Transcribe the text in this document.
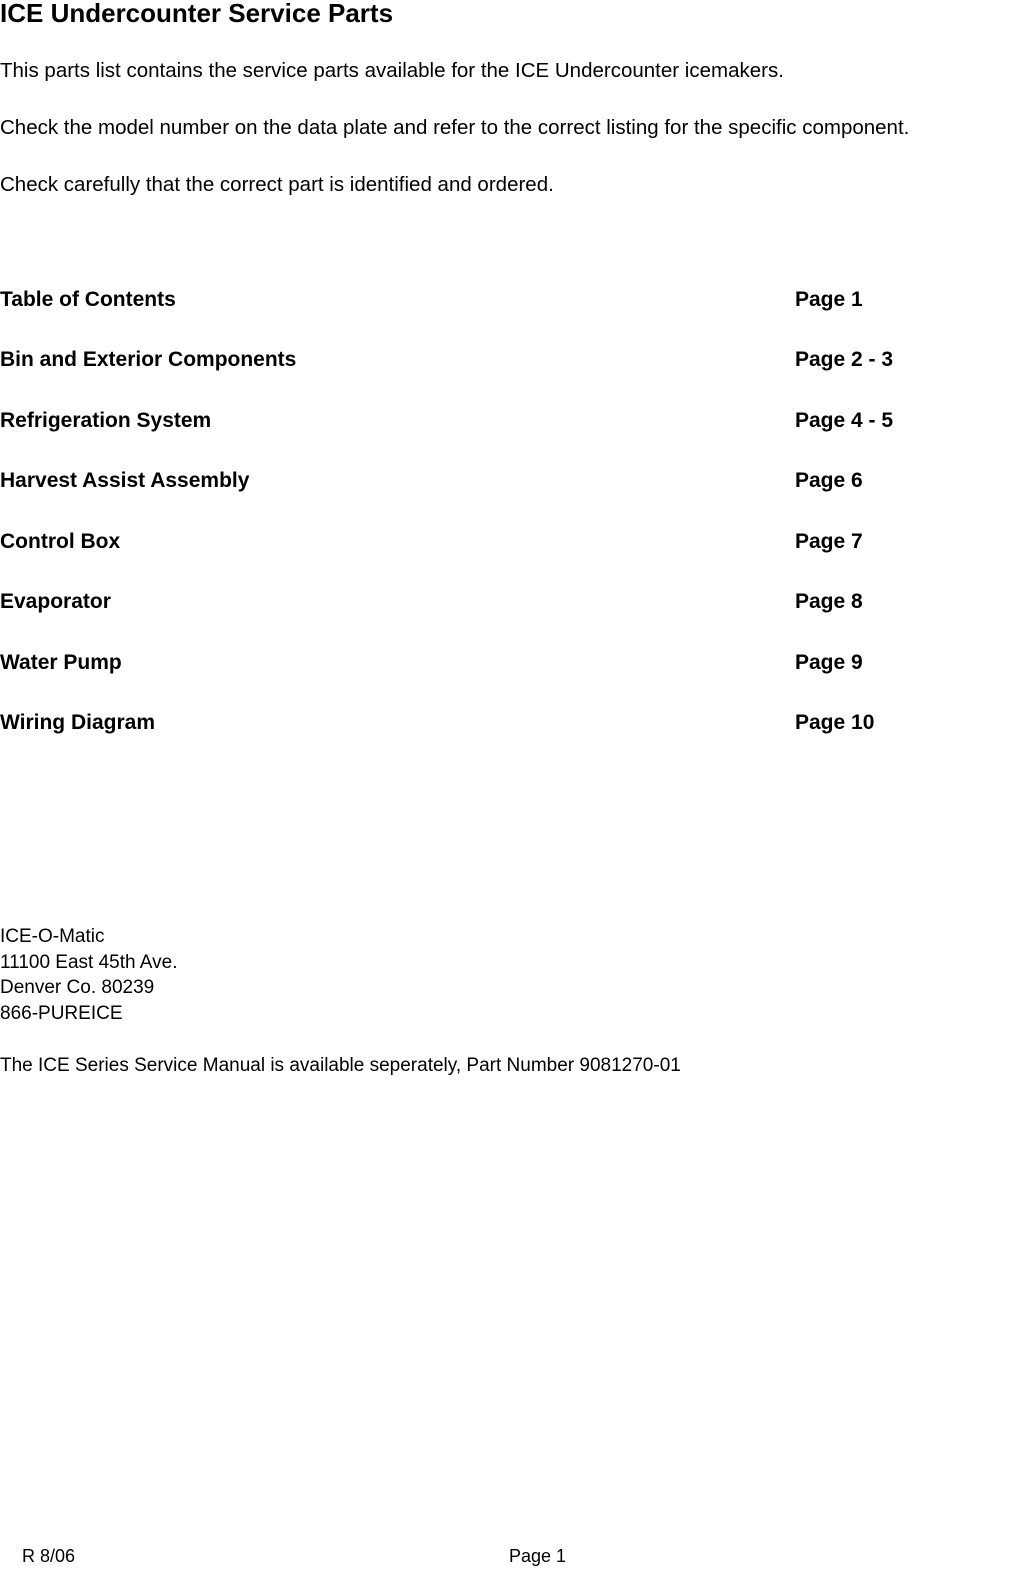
ICE Undercounter Service Parts
This parts list contains the service parts available for the ICE Undercounter icemakers.
Check the model number on the data plate and refer to the correct listing for the specific component.
Check carefully that the correct part is identified and ordered.
Table of Contents	Page 1
Bin and Exterior Components	Page 2 - 3
Refrigeration System	Page 4 - 5
Harvest Assist Assembly	Page 6
Control Box	Page 7
Evaporator	Page 8
Water Pump	Page 9
Wiring Diagram	Page 10
ICE-O-Matic
11100 East 45th Ave.
Denver Co. 80239
866-PUREICE
The ICE Series Service Manual is available seperately, Part Number 9081270-01
R 8/06	Page 1
